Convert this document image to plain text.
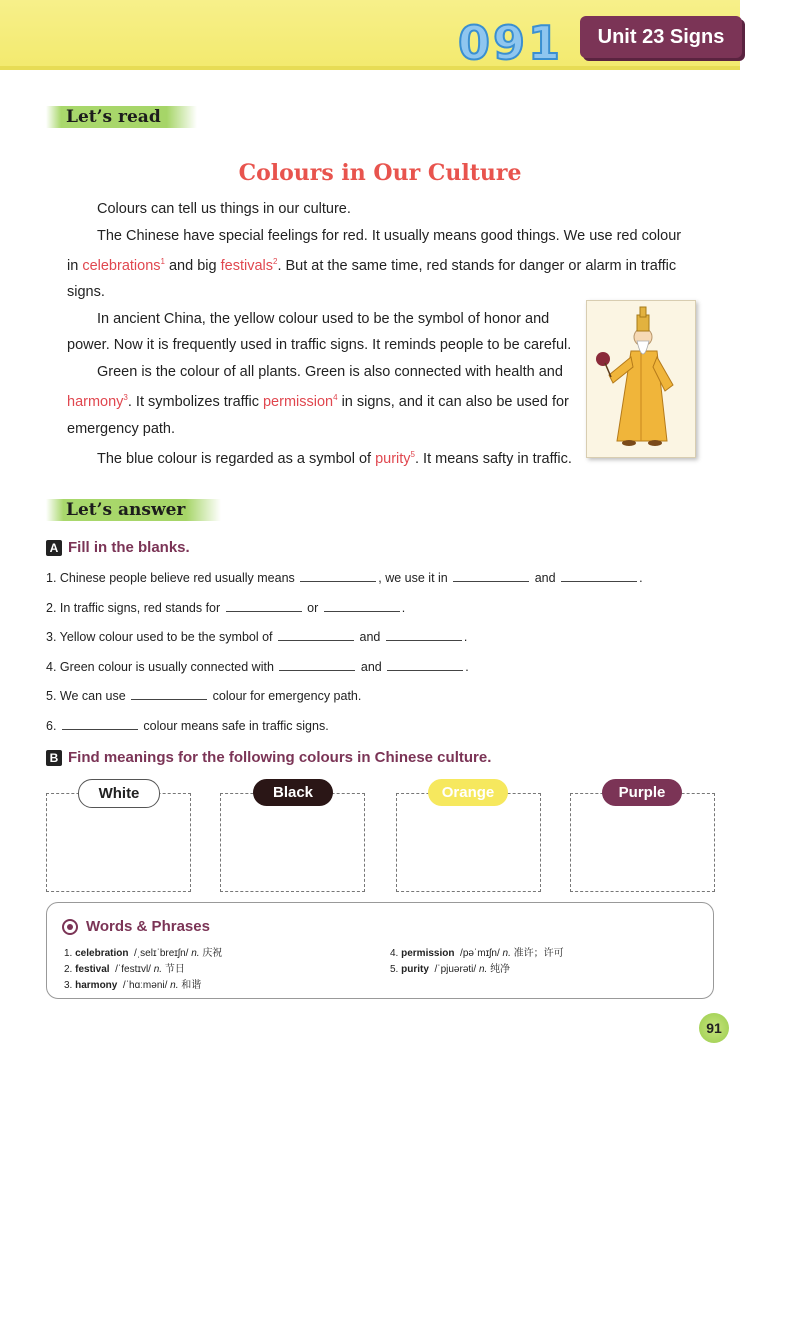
091	Unit 23 Signs
Let’s read
Colours in Our Culture

Colours can tell us things in our culture.

The Chinese have special feelings for red. It usually means good things. We use red colour in celebrations$^1$ and big festivals$^2$. But at the same time, red stands for danger or alarm in traffic signs.

In ancient China, the yellow colour used to be the symbol of honor and power. Now it is frequently used in traffic signs. It reminds people to be careful.

Green is the colour of all plants. Green is also connected with health and harmony$^3$. It symbolizes traffic permission$^4$ in signs, and it can also be used for emergency path.

The blue colour is regarded as a symbol of purity$^5$. It means safty in traffic.

Let’s answer
A Fill in the blanks.
1. Chinese people believe red usually means	, we use it in	and	.
2. In traffic signs, red stands for	or	.
3. Yellow colour used to be the symbol of	and	.
4. Green colour is usually connected with	and	.
5. We can use	colour for emergency path.
6.	colour means safe in traffic signs.
B Find meanings for the following colours in Chinese culture.
White	Black	Orange	Purple
Words & Phrases
1. celebration /ˌselɪˈbreɪʃn/ n. 庆祝
2. festival /ˈfestɪvl/ n. 节日
3. harmony /ˈhɑːməni/ n. 和谐
4. permission /pəˈmɪʃn/ n. 准许；许可
5. purity /ˈpjuərəti/ n. 纯净
91
